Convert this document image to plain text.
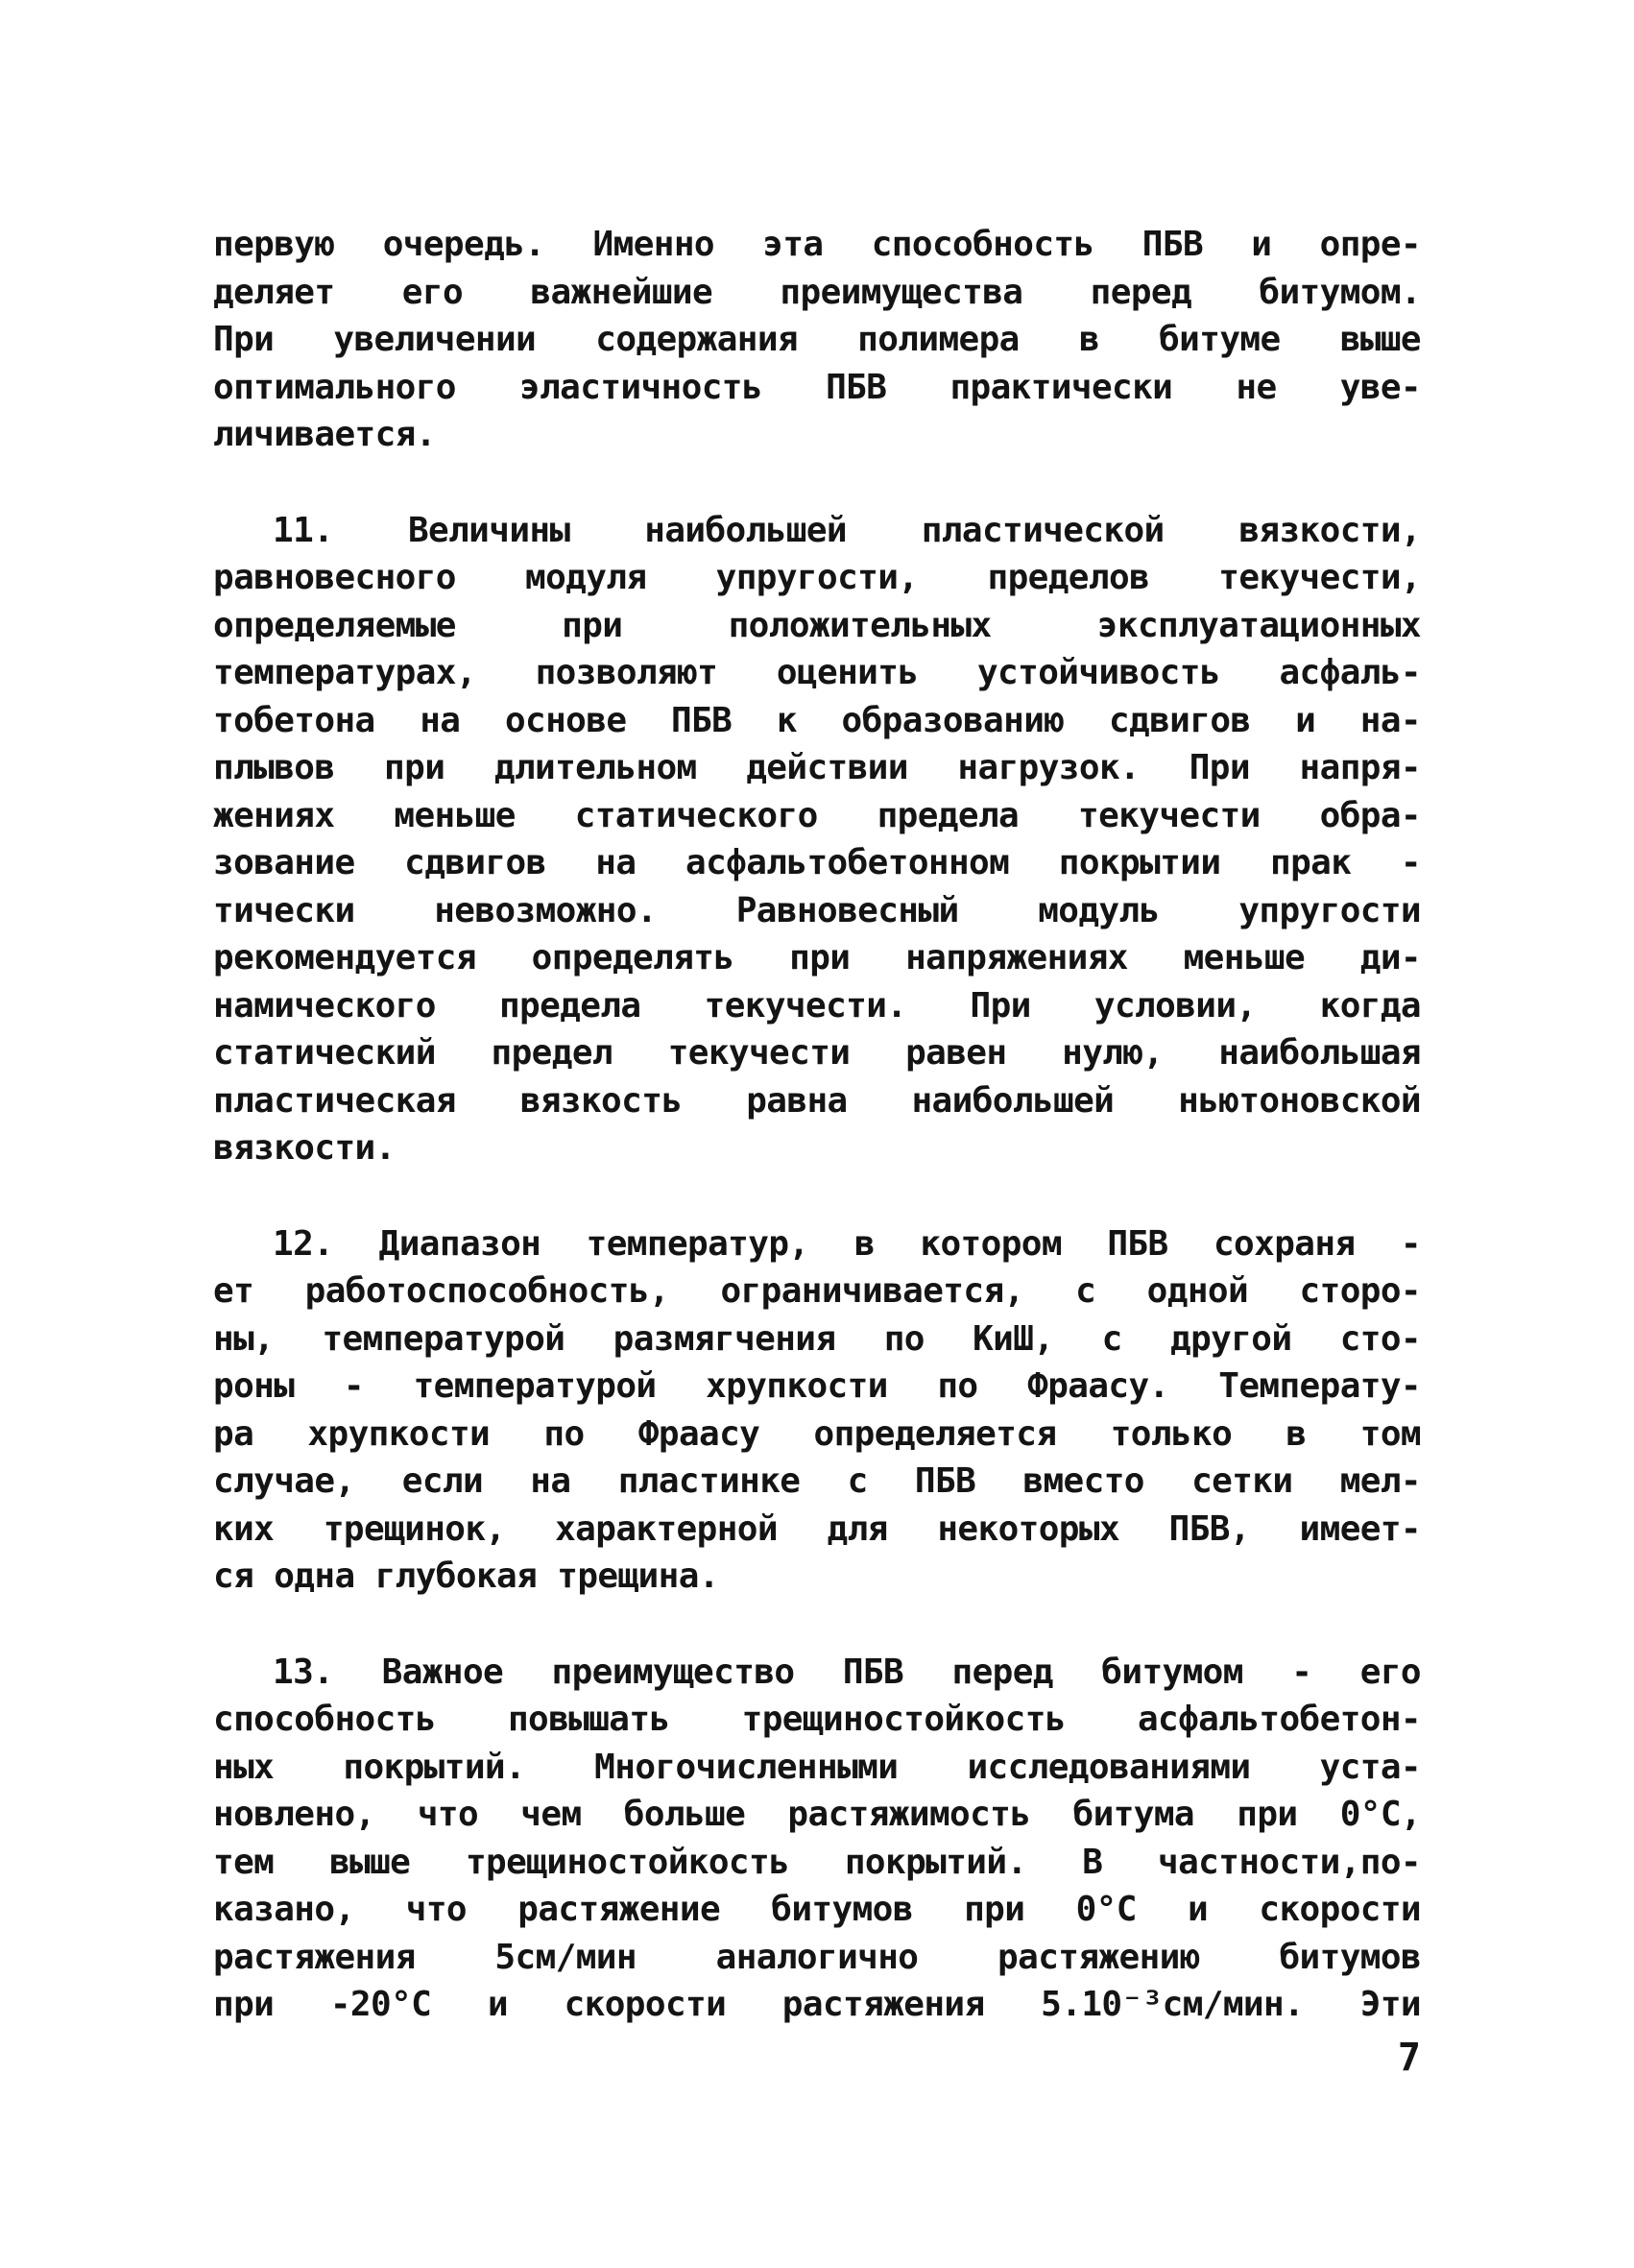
первую очередь. Именно эта способность ПБВ и опре-
деляет его важнейшие преимущества перед битумом.
При увеличении содержания полимера в битуме выше
оптимального эластичность ПБВ практически не уве-
личивается.

11. Величины наибольшей пластической вязкости,
равновесного модуля упругости, пределов текучести,
определяемые при положительных эксплуатационных
температурах, позволяют оценить устойчивость асфаль-
тобетона на основе ПБВ к образованию сдвигов и на-
плывов при длительном действии нагрузок. При напря-
жениях меньше статического предела текучести обра-
зование сдвигов на асфальтобетонном покрытии прак -
тически невозможно. Равновесный модуль упругости
рекомендуется определять при напряжениях меньше ди-
намического предела текучести. При условии, когда
статический предел текучести равен нулю, наибольшая
пластическая вязкость равна наибольшей ньютоновской
вязкости.

12. Диапазон температур, в котором ПБВ сохраня -
ет работоспособность, ограничивается, с одной сторо-
ны, температурой размягчения по КиШ, с другой сто-
роны - температурой хрупкости по Фраасу. Температу-
ра хрупкости по Фраасу определяется только в том
случае, если на пластинке с ПБВ вместо сетки мел-
ких трещинок, характерной для некоторых ПБВ, имеет-
ся одна глубокая трещина.

13. Важное преимущество ПБВ перед битумом - его
способность повышать трещиностойкость асфальтобетон-
ных покрытий. Многочисленными исследованиями уста-
новлено, что чем больше растяжимость битума при 0°С,
тем выше трещиностойкость покрытий. В частности,по-
казано, что растяжение битумов при 0°С и скорости
растяжения 5см/мин аналогично растяжению битумов
при -20°С и скорости растяжения 5.10⁻³см/мин. Эти

7
